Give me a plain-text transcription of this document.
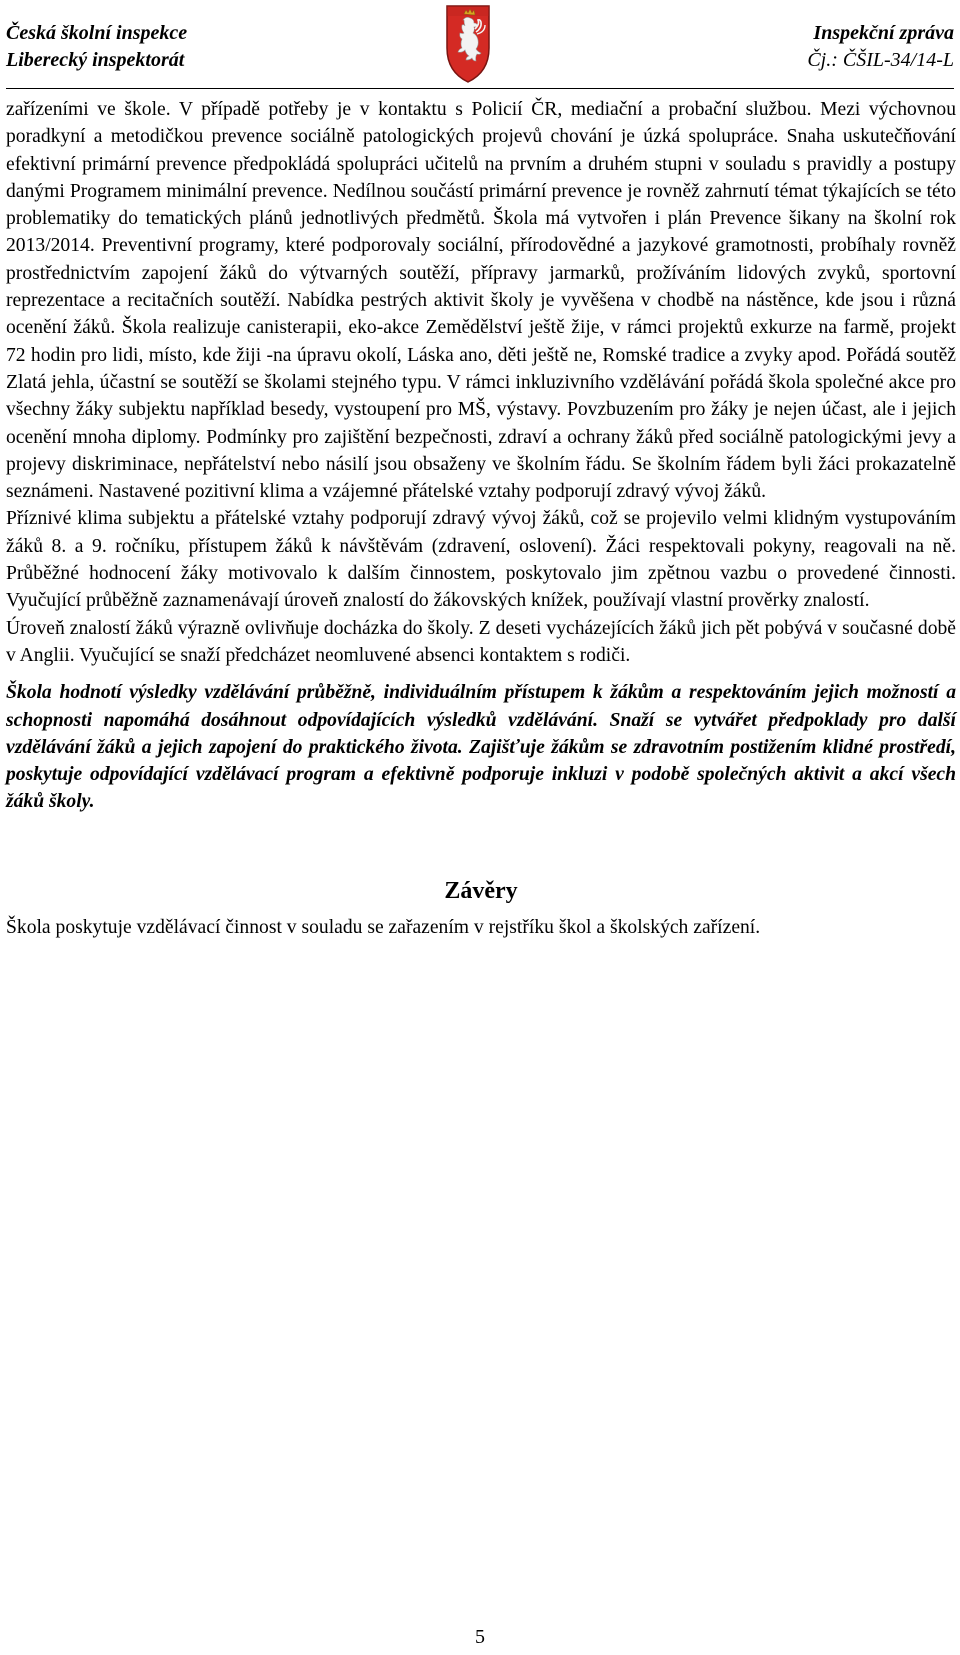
Česká školní inspekce
Liberecký inspektorát
Inspekční zpráva
Čj.: ČŠIL-34/14-L

zařízeními ve škole. V případě potřeby je v kontaktu s Policií ČR, mediační a probační službou. Mezi výchovnou poradkyní a metodičkou prevence sociálně patologických projevů chování je úzká spolupráce. Snaha uskutečňování efektivní primární prevence předpokládá spolupráci učitelů na prvním a druhém stupni v souladu s pravidly a postupy danými Programem minimální prevence. Nedílnou součástí primární prevence je rovněž zahrnutí témat týkajících se této problematiky do tematických plánů jednotlivých předmětů. Škola má vytvořen i plán Prevence šikany na školní rok 2013/2014. Preventivní programy, které podporovaly sociální, přírodovědné a jazykové gramotnosti, probíhaly rovněž prostřednictvím zapojení žáků do výtvarných soutěží, přípravy jarmarků, prožíváním lidových zvyků, sportovní reprezentace a recitačních soutěží. Nabídka pestrých aktivit školy je vyvěšena v chodbě na nástěnce, kde jsou i různá ocenění žáků. Škola realizuje canisterapii, eko-akce Zemědělství ještě žije, v rámci projektů exkurze na farmě, projekt 72 hodin pro lidi, místo, kde žiji -na úpravu okolí, Láska ano, děti ještě ne, Romské tradice a zvyky apod. Pořádá soutěž Zlatá jehla, účastní se soutěží se školami stejného typu. V rámci inkluzivního vzdělávání pořádá škola společné akce pro všechny žáky subjektu například besedy, vystoupení pro MŠ, výstavy. Povzbuzením pro žáky je nejen účast, ale i jejich ocenění mnoha diplomy. Podmínky pro zajištění bezpečnosti, zdraví a ochrany žáků před sociálně patologickými jevy a projevy diskriminace, nepřátelství nebo násilí jsou obsaženy ve školním řádu. Se školním řádem byli žáci prokazatelně seznámeni. Nastavené pozitivní klima a vzájemné přátelské vztahy podporují zdravý vývoj žáků.

Příznivé klima subjektu a přátelské vztahy podporují zdravý vývoj žáků, což se projevilo velmi klidným vystupováním žáků 8. a 9. ročníku, přístupem žáků k návštěvám (zdravení, oslovení). Žáci respektovali pokyny, reagovali na ně. Průběžné hodnocení žáky motivovalo k dalším činnostem, poskytovalo jim zpětnou vazbu o provedené činnosti. Vyučující průběžně zaznamenávají úroveň znalostí do žákovských knížek, používají vlastní prověrky znalostí.

Úroveň znalostí žáků výrazně ovlivňuje docházka do školy. Z deseti vycházejících žáků jich pět pobývá v současné době v Anglii. Vyučující se snaží předcházet neomluvené absenci kontaktem s rodiči.

Škola hodnotí výsledky vzdělávání průběžně, individuálním přístupem k žákům a respektováním jejich možností a schopnosti napomáhá dosáhnout odpovídajících výsledků vzdělávání. Snaží se vytvářet předpoklady pro další vzdělávání žáků a jejich zapojení do praktického života. Zajišťuje žákům se zdravotním postižením klidné prostředí, poskytuje odpovídající vzdělávací program a efektivně podporuje inkluzi v podobě společných aktivit a akcí všech žáků školy.

Závěry

Škola poskytuje vzdělávací činnost v souladu se zařazením v rejstříku škol a školských zařízení.

5
